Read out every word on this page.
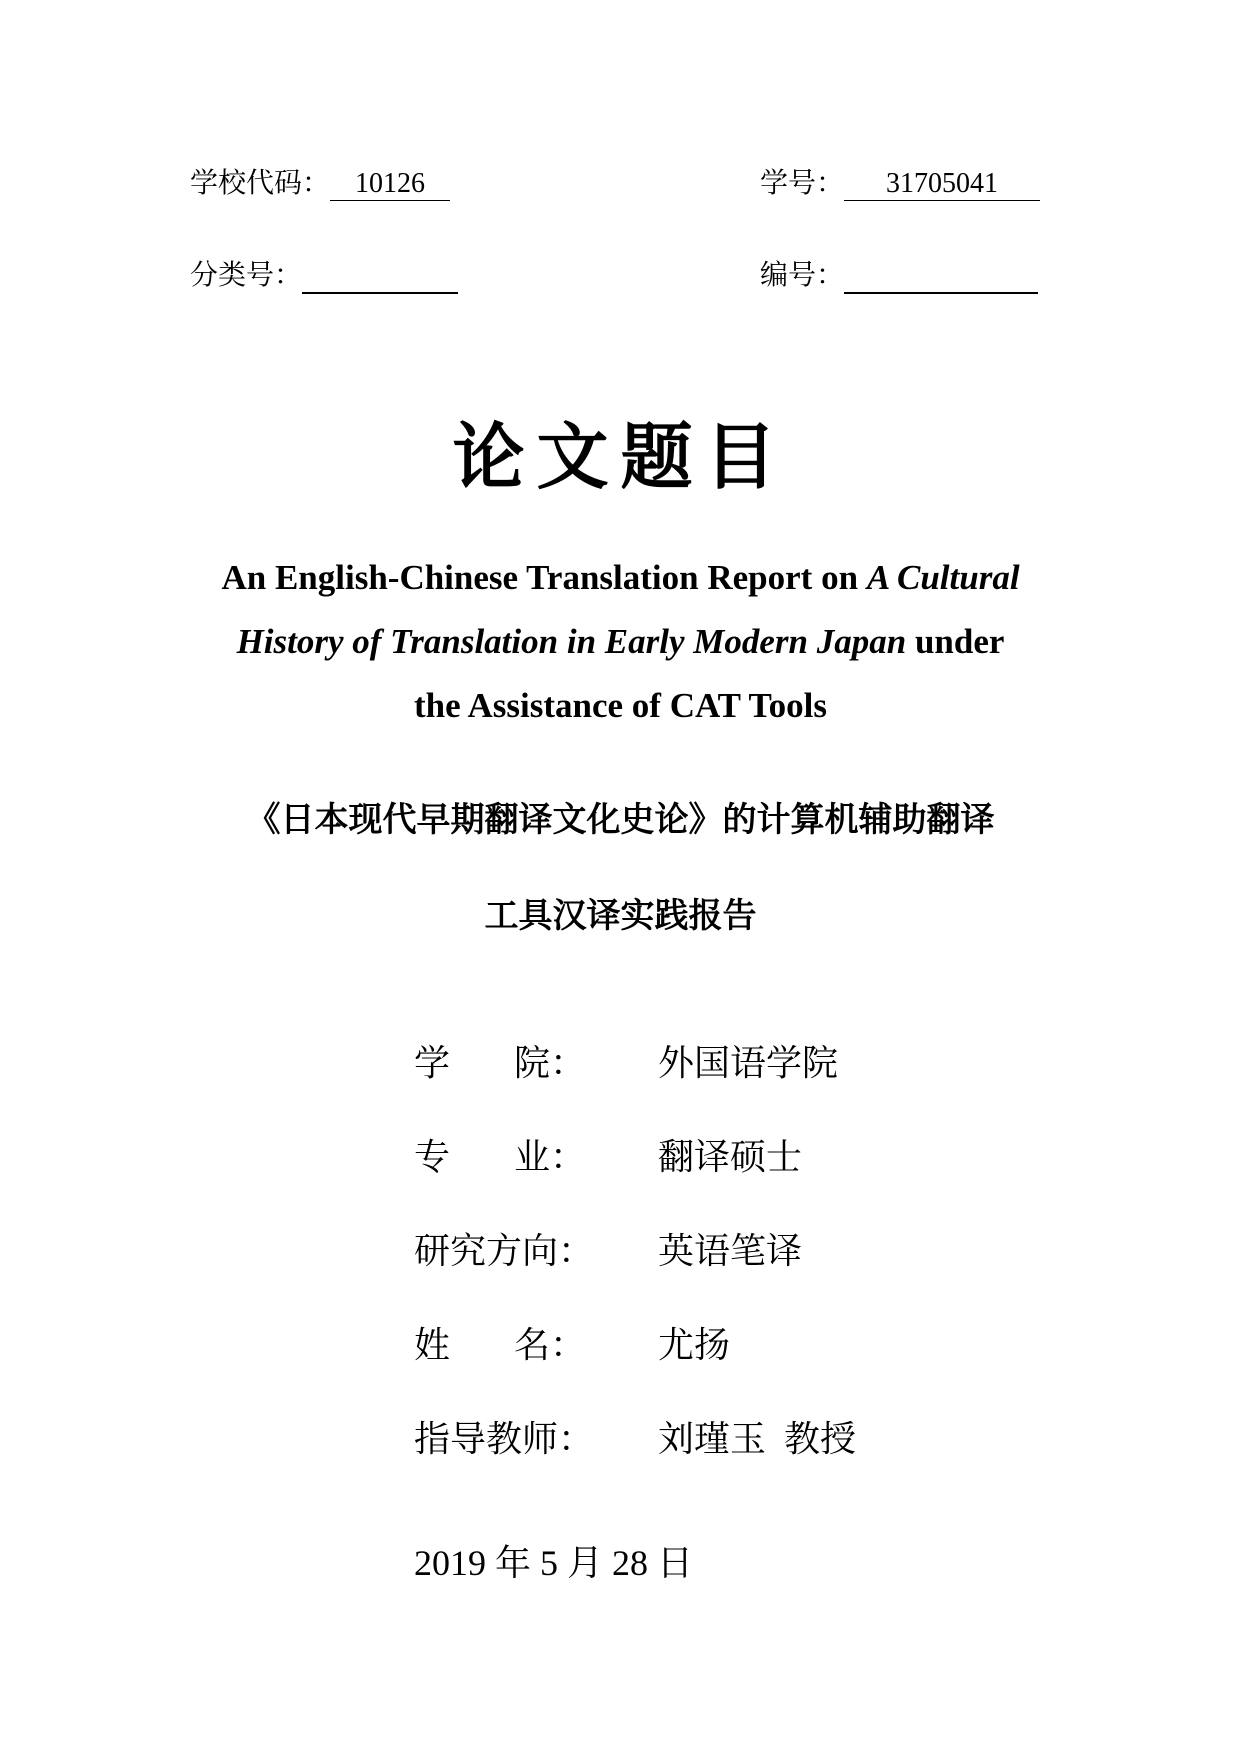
学校代码： 10126	学号： 31705041
分类号：	编号：
论文题目
An English-Chinese Translation Report on A Cultural
History of Translation in Early Modern Japan under
the Assistance of CAT Tools
《日本现代早期翻译文化史论》的计算机辅助翻译
工具汉译实践报告
学 院： 外国语学院
专 业： 翻译硕士
研究方向： 英语笔译
姓 名： 尤扬
指导教师： 刘瑾玉  教授
2019 年 5 月 28 日
